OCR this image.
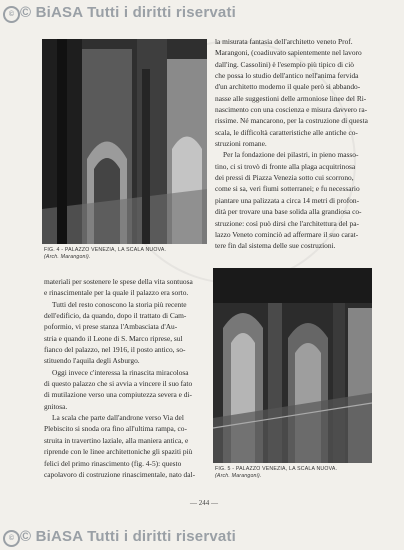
© © BiASA Tutti i diritti riservati
© © BiASA Tutti i diritti riservati
FIG. 4 - PALAZZO VENEZIA, LA SCALA NUOVA.
(Arch. Marangoni).
la misurata fantasia dell'architetto veneto Prof.
Marangoni, (coadiuvato sapientemente nel lavoro
dall'ing. Cassolini) è l'esempio più tipico di ciò
che possa lo studio dell'antico nell'anima fervida
d'un architetto moderno il quale però si abbando-
nasse alle suggestioni delle armoniose linee del Ri-
nascimento con una coscienza e misura davvero ra-
rissime. Né mancarono, per la costruzione di questa
scala, le difficoltà caratteristiche alle antiche co-
struzioni romane.
Per la fondazione dei pilastri, in pieno masso-
tino, ci si trovò di fronte alla plaga acquitrinosa
dei pressi di Piazza Venezia sotto cui scorrono,
come si sa, veri fiumi sotterranei; e fu necessario
piantare una palizzata a circa 14 metri di profon-
dità per trovare una base solida alla grandiosa co-
struzione: così può dirsi che l'architettura del pa-
lazzo Veneto cominciò ad affermare il suo carat-
tere fin dal sistema delle sue costruzioni.
materiali per sostenere le spese della vita sontuosa
e rinascimentale per la quale il palazzo era sorto.
Tutti del resto conoscono la storia più recente
dell'edificio, da quando, dopo il trattato di Cam-
poformio, vi prese stanza l'Ambasciata d'Au-
stria e quando il Leone di S. Marco riprese, sul
fianco del palazzo, nel 1916, il posto antico, so-
stituendo l'aquila degli Asburgo.
Oggi invece c'interessa la rinascita miracolosa
di questo palazzo che si avvia a vincere il suo fato
di mutilazione verso una compiutezza severa e di-
gnitosa.
La scala che parte dall'androne verso Via del
Plebiscito si snoda ora fino all'ultima rampa, co-
struita in travertino laziale, alla maniera antica, e
riprende con le linee architettoniche gli spaziti più
felici del primo rinascimento (fig. 4-5): questo
capolavoro di costruzione rinascimentale, nato dal-
FIG. 5 - PALAZZO VENEZIA, LA SCALA NUOVA.
(Arch. Marangoni).
— 244 —
